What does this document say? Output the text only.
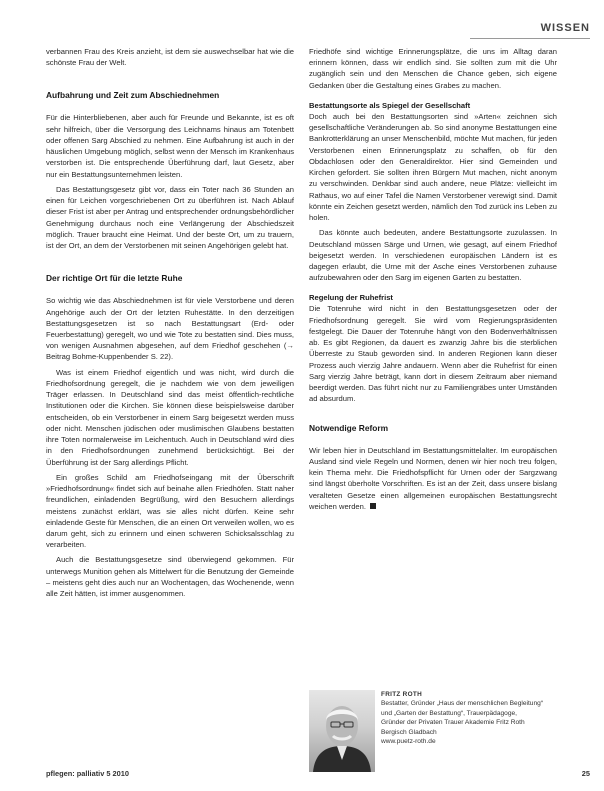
WISSEN

verbannen Frau des Kreis anzieht, ist dem sie auswechselbar hat wie die schönste Frau der Welt.

Aufbahrung und Zeit zum Abschiednehmen

Für die Hinterbliebenen, aber auch für Freunde und Bekannte, ist es oft sehr hilfreich, über die Versorgung des Leichnams hinaus am Totenbett oder offenen Sarg Abschied zu nehmen. Eine Aufbahrung ist auch in der häuslichen Umgebung möglich, selbst wenn der Mensch im Krankenhaus verstorben ist. Die entsprechende Überführung darf, laut Gesetz, aber nur ein Bestattungsunternehmen leisten.

Das Bestattungsgesetz gibt vor, dass ein Toter nach 36 Stunden an einen für Leichen vorgeschriebenen Ort zu überführen ist. Nach Ablauf dieser Frist ist aber per Antrag und entsprechender ordnungsbehördlicher Genehmigung durchaus noch eine Verlängerung der Abschiedszeit möglich. Trauer braucht eine Heimat. Und der beste Ort, um zu trauern, ist der Ort, an dem der Verstorbenen mit seinen Angehörigen gelebt hat.

Der richtige Ort für die letzte Ruhe

So wichtig wie das Abschiednehmen ist für viele Verstorbene und deren Angehörige auch der Ort der letzten Ruhestätte. In den derzeitigen Bestattungsgesetzen ist so nach Bestattungsart (Erd- oder Feuerbestattung) geregelt, wo und wie Tote zu bestatten sind. Dies muss, von wenigen Ausnahmen abgesehen, auf dem Friedhof geschehen (→ Beitrag Bohme-Kuppenbender S. 22).

Was ist einem Friedhof eigentlich und was nicht, wird durch die Friedhofsordnung geregelt, die je nachdem wie von dem jeweiligen Träger erlassen. In Deutschland sind das meist öffentlich-rechtliche Institutionen oder die Kirchen. Sie können diese beispielsweise darüber entscheiden, ob ein Verstorbener in einem Sarg beigesetzt werden muss oder nicht. Menschen jüdischen oder muslimischen Glaubens bestatten ihre Toten normalerweise im Leichentuch. Auch in Deutschland wird dies in den Friedhofsordnungen zunehmend berücksichtigt. Bei der Überführung ist der Sarg allerdings Pflicht.

Ein großes Schild am Friedhofseingang mit der Überschrift »Friedhofsordnung« findet sich auf beinahe allen Friedhöfen. Statt naher freundlichen, einladenden Begrüßung, wird den Besuchern allerdings meistens zunächst erklärt, was sie alles nicht dürfen. Keine sehr einladende Geste für Menschen, die an einen Ort verweilen wollen, wo es darum geht, sich zu erinnern und einen schweren Schicksalsschlag zu verarbeiten.

Auch die Bestattungsgesetze sind überwiegend gekommen. Für unterwegs Munition gehen als Mittelwert für die Benutzung der Gemeinde – meistens geht dies auch nur an Wochentagen, das Wochenende, wenn alle Zeit hätten, ist immer ausgenommen.

Friedhöfe sind wichtige Erinnerungsplätze, die uns im Alltag daran erinnern können, dass wir endlich sind. Sie sollten zum mit die Uhr zugänglich sein und den Menschen die Chance geben, sich eigene Gedanken über die Gestaltung eines Grabes zu machen.

Bestattungsorte als Spiegel der Gesellschaft

Doch auch bei den Bestattungsorten sind »Arten« zeichnen sich gesellschaftliche Veränderungen ab. So sind anonyme Bestattungen eine Bankrotterklärung an unser Menschenbild, möchte Mut machen, für jeden Verstorbenen einen Erinnerungsplatz zu schaffen, ob für den Obdachlosen oder den Generaldirektor. Hier sind Gemeinden und Kirchen gefordert. Sie sollten ihren Bürgern Mut machen, nicht anonym zu verschwinden. Denkbar sind auch andere, neue Plätze: vielleicht im Rathaus, wo auf einer Tafel die Namen Verstorbener verewigt sind. Damit könnte ein Zeichen gesetzt werden, nämlich den Tod zurück ins Leben zu holen.

Das könnte auch bedeuten, andere Bestattungsorte zuzulassen. In Deutschland müssen Särge und Urnen, wie gesagt, auf einem Friedhof beigesetzt werden. In verschiedenen europäischen Ländern ist es dagegen erlaubt, die Urne mit der Asche eines Verstorbenen zuhause aufzubewahren oder den Sarg im eigenen Garten zu bestatten.

Regelung der Ruhefrist

Die Totenruhe wird nicht in den Bestattungsgesetzen oder der Friedhofsordnung geregelt. Sie wird vom Regierungspräsidenten festgelegt. Die Dauer der Totenruhe hängt von den Bodenverhältnissen ab. Es gibt Regionen, da dauert es zwanzig Jahre bis die sterblichen Überreste zu Staub geworden sind. In anderen Regionen kann dieser Prozess auch vierzig Jahre andauern. Wenn aber die Ruhefrist für einen Sarg vierzig Jahre beträgt, kann dort in diesem Zeitraum aber niemand beerdigt werden. Das führt nicht nur zu Familiengräbes unter Umständen ad absurdum.

Notwendige Reform

Wir leben hier in Deutschland im Bestattungsmittelalter. Im europäischen Ausland sind viele Regeln und Normen, denen wir hier noch treu folgen, kein Thema mehr. Die Friedhofspflicht für Urnen oder der Sargzwang sind längst überholte Vorschriften. Es ist an der Zeit, dass unsere bislang veralteten Gesetze einen allgemeinen europäischen Bestattungsrecht weichen werden.

FRITZ ROTH
Bestatter, Gründer „Haus der menschlichen Begleitung“
und „Garten der Bestattung“, Trauerpädagoge,
Gründer der Privaten Trauer Akademie Fritz Roth
Bergisch Gladbach
www.puetz-roth.de
pflegen: palliativ 5 2010	25
